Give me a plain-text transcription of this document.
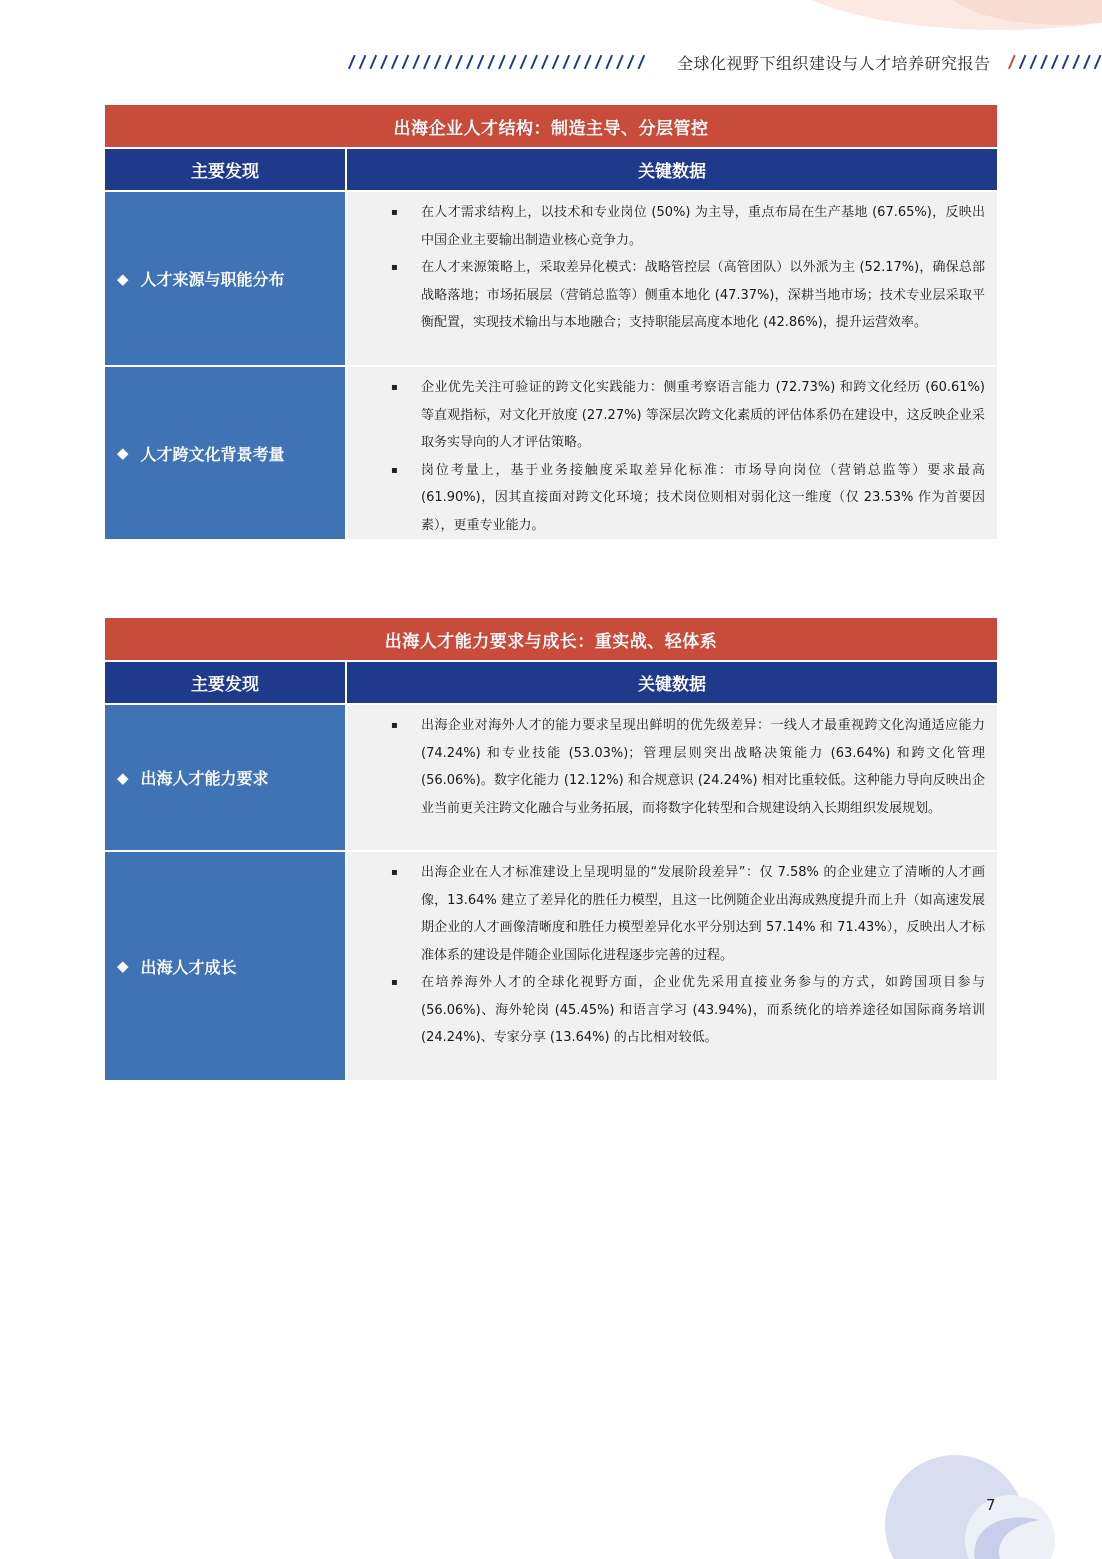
全球化视野下组织建设与人才培养研究报告
出海企业人才结构：制造主导、分层管控
主要发现	关键数据
◆ 人才来源与职能分布
▪ 在人才需求结构上，以技术和专业岗位 (50%) 为主导，重点布局在生产基地 (67.65%)，反映出中国企业主要输出制造业核心竞争力。
▪ 在人才来源策略上，采取差异化模式：战略管控层（高管团队）以外派为主 (52.17%)，确保总部战略落地；市场拓展层（营销总监等）侧重本地化 (47.37%)，深耕当地市场；技术专业层采取平衡配置，实现技术输出与本地融合；支持职能层高度本地化 (42.86%)，提升运营效率。
◆ 人才跨文化背景考量
▪ 企业优先关注可验证的跨文化实践能力：侧重考察语言能力 (72.73%) 和跨文化经历 (60.61%) 等直观指标，对文化开放度 (27.27%) 等深层次跨文化素质的评估体系仍在建设中，这反映企业采取务实导向的人才评估策略。
▪ 岗位考量上，基于业务接触度采取差异化标准：市场导向岗位（营销总监等）要求最高 (61.90%)，因其直接面对跨文化环境；技术岗位则相对弱化这一维度（仅 23.53% 作为首要因素），更重专业能力。
出海人才能力要求与成长：重实战、轻体系
主要发现	关键数据
◆ 出海人才能力要求
▪ 出海企业对海外人才的能力要求呈现出鲜明的优先级差异：一线人才最重视跨文化沟通适应能力 (74.24%) 和专业技能 (53.03%)；管理层则突出战略决策能力 (63.64%) 和跨文化管理 (56.06%)。数字化能力 (12.12%) 和合规意识 (24.24%) 相对比重较低。这种能力导向反映出企业当前更关注跨文化融合与业务拓展，而将数字化转型和合规建设纳入长期组织发展规划。
◆ 出海人才成长
▪ 出海企业在人才标准建设上呈现明显的“发展阶段差异”：仅 7.58% 的企业建立了清晰的人才画像，13.64% 建立了差异化的胜任力模型，且这一比例随企业出海成熟度提升而上升（如高速发展期企业的人才画像清晰度和胜任力模型差异化水平分别达到 57.14% 和 71.43%），反映出人才标准体系的建设是伴随企业国际化进程逐步完善的过程。
▪ 在培养海外人才的全球化视野方面，企业优先采用直接业务参与的方式，如跨国项目参与 (56.06%)、海外轮岗 (45.45%) 和语言学习 (43.94%)，而系统化的培养途径如国际商务培训 (24.24%)、专家分享 (13.64%) 的占比相对较低。
7
